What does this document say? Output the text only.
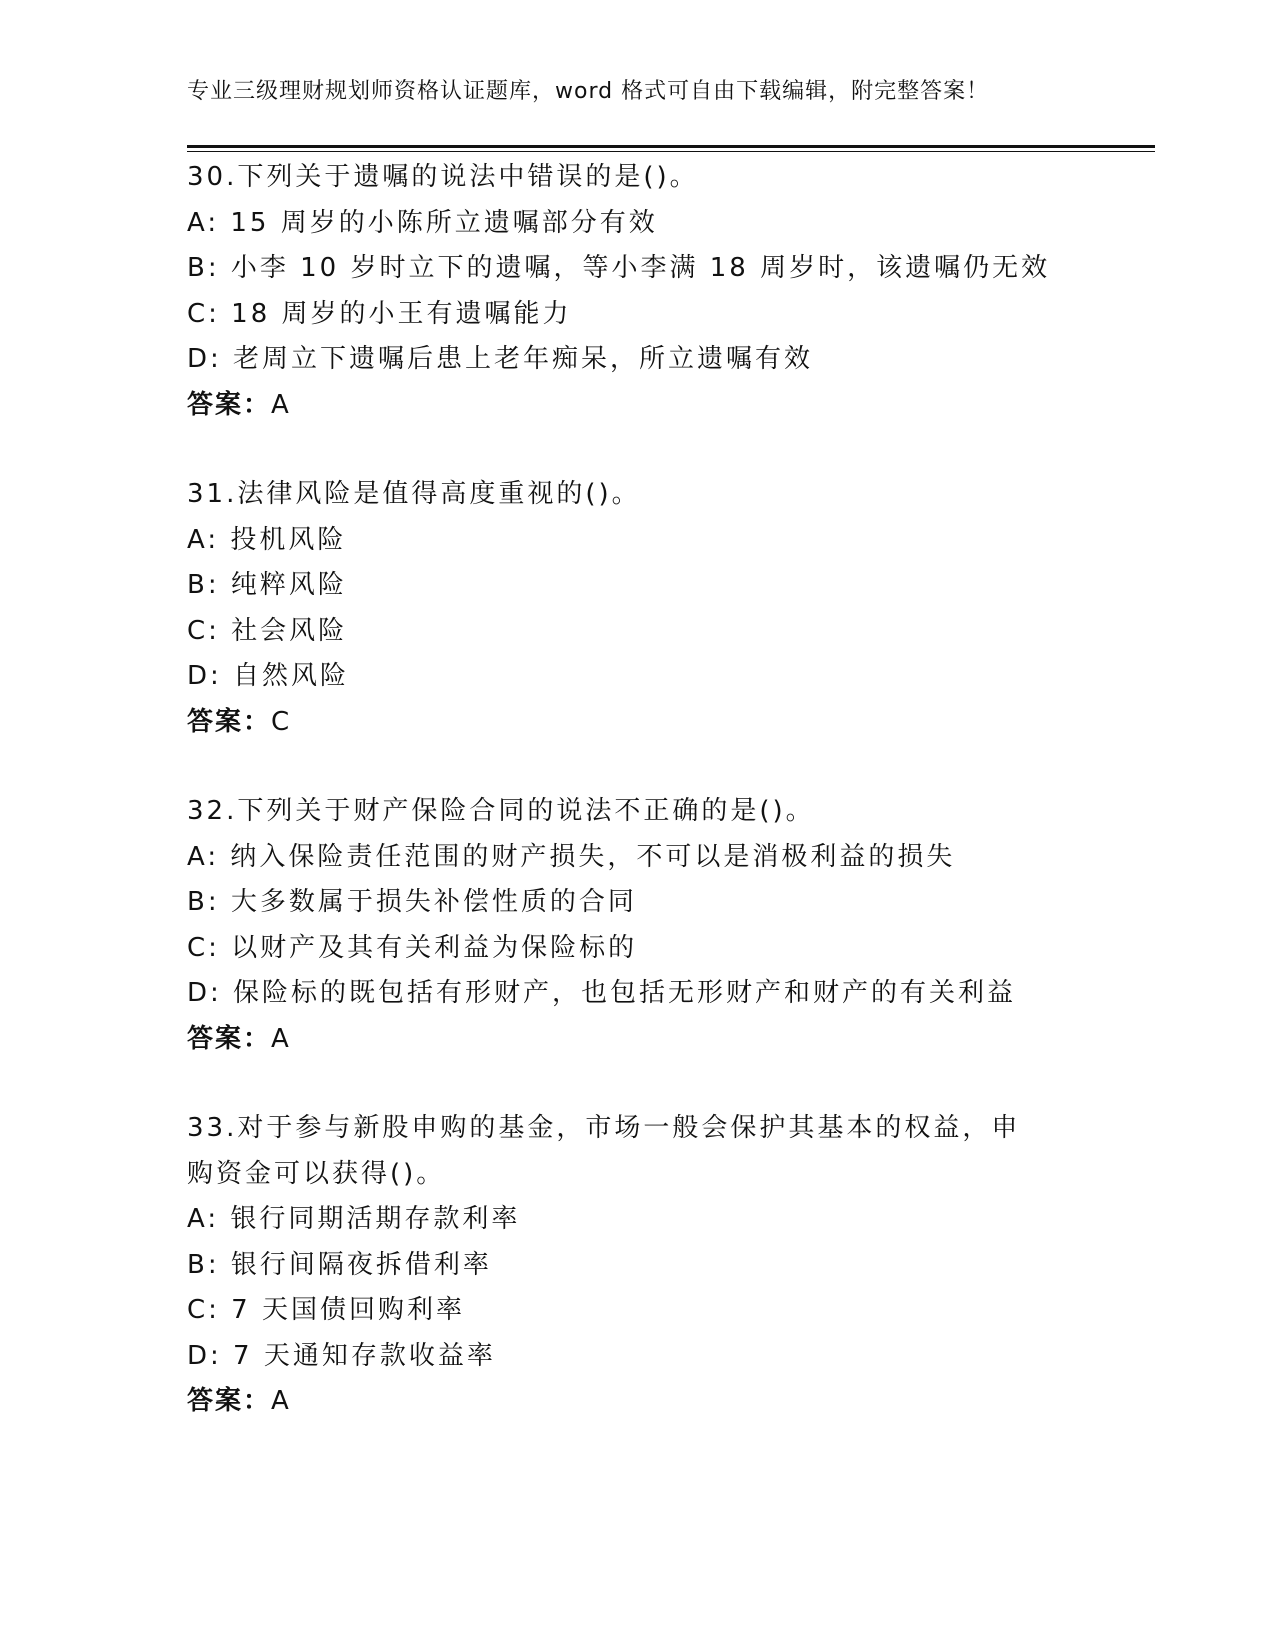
专业三级理财规划师资格认证题库，word 格式可自由下载编辑，附完整答案！
30.下列关于遗嘱的说法中错误的是()。
A: 15 周岁的小陈所立遗嘱部分有效
B: 小李 10 岁时立下的遗嘱，等小李满 18 周岁时，该遗嘱仍无效
C: 18 周岁的小王有遗嘱能力
D: 老周立下遗嘱后患上老年痴呆，所立遗嘱有效
答案：A
31.法律风险是值得高度重视的()。
A: 投机风险
B: 纯粹风险
C: 社会风险
D: 自然风险
答案：C
32.下列关于财产保险合同的说法不正确的是()。
A: 纳入保险责任范围的财产损失，不可以是消极利益的损失
B: 大多数属于损失补偿性质的合同
C: 以财产及其有关利益为保险标的
D: 保险标的既包括有形财产，也包括无形财产和财产的有关利益
答案：A
33.对于参与新股申购的基金，市场一般会保护其基本的权益，申购资金可以获得()。
A: 银行同期活期存款利率
B: 银行间隔夜拆借利率
C: 7 天国债回购利率
D: 7 天通知存款收益率
答案：A
